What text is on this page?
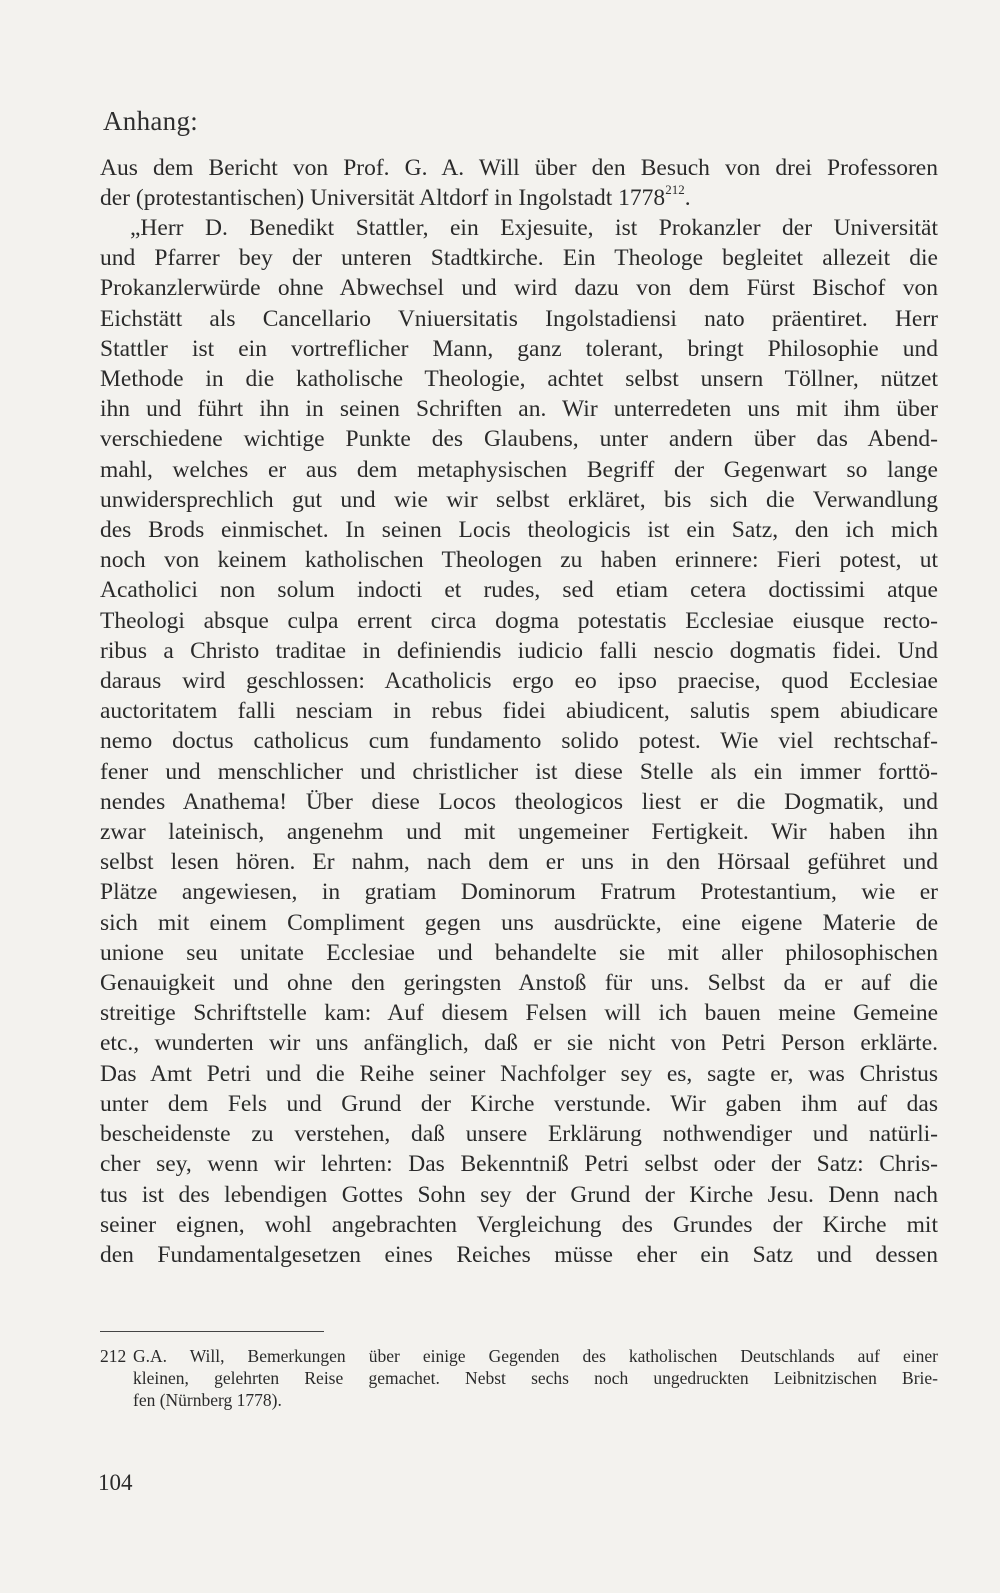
Anhang:
Aus dem Bericht von Prof. G. A. Will über den Besuch von drei Professoren
der (protestantischen) Universität Altdorf in Ingolstadt 1778$^{212}$.
„Herr D. Benedikt Stattler, ein Exjesuite, ist Prokanzler der Universität
und Pfarrer bey der unteren Stadtkirche. Ein Theologe begleitet allezeit die
Prokanzlerwürde ohne Abwechsel und wird dazu von dem Fürst Bischof von
Eichstätt als Cancellario Vniuersitatis Ingolstadiensi nato präentiret. Herr
Stattler ist ein vortreflicher Mann, ganz tolerant, bringt Philosophie und
Methode in die katholische Theologie, achtet selbst unsern Töllner, nützet
ihn und führt ihn in seinen Schriften an. Wir unterredeten uns mit ihm über
verschiedene wichtige Punkte des Glaubens, unter andern über das Abend-
mahl, welches er aus dem metaphysischen Begriff der Gegenwart so lange
unwidersprechlich gut und wie wir selbst erkläret, bis sich die Verwandlung
des Brods einmischet. In seinen Locis theologicis ist ein Satz, den ich mich
noch von keinem katholischen Theologen zu haben erinnere: Fieri potest, ut
Acatholici non solum indocti et rudes, sed etiam cetera doctissimi atque
Theologi absque culpa errent circa dogma potestatis Ecclesiae eiusque recto-
ribus a Christo traditae in definiendis iudicio falli nescio dogmatis fidei. Und
daraus wird geschlossen: Acatholicis ergo eo ipso praecise, quod Ecclesiae
auctoritatem falli nesciam in rebus fidei abiudicent, salutis spem abiudicare
nemo doctus catholicus cum fundamento solido potest. Wie viel rechtschaf-
fener und menschlicher und christlicher ist diese Stelle als ein immer forttö-
nendes Anathema! Über diese Locos theologicos liest er die Dogmatik, und
zwar lateinisch, angenehm und mit ungemeiner Fertigkeit. Wir haben ihn
selbst lesen hören. Er nahm, nach dem er uns in den Hörsaal geführet und
Plätze angewiesen, in gratiam Dominorum Fratrum Protestantium, wie er
sich mit einem Compliment gegen uns ausdrückte, eine eigene Materie de
unione seu unitate Ecclesiae und behandelte sie mit aller philosophischen
Genauigkeit und ohne den geringsten Anstoß für uns. Selbst da er auf die
streitige Schriftstelle kam: Auf diesem Felsen will ich bauen meine Gemeine
etc., wunderten wir uns anfänglich, daß er sie nicht von Petri Person erklärte.
Das Amt Petri und die Reihe seiner Nachfolger sey es, sagte er, was Christus
unter dem Fels und Grund der Kirche verstunde. Wir gaben ihm auf das
bescheidenste zu verstehen, daß unsere Erklärung nothwendiger und natürli-
cher sey, wenn wir lehrten: Das Bekenntniß Petri selbst oder der Satz: Chris-
tus ist des lebendigen Gottes Sohn sey der Grund der Kirche Jesu. Denn nach
seiner eignen, wohl angebrachten Vergleichung des Grundes der Kirche mit
den Fundamentalgesetzen eines Reiches müsse eher ein Satz und dessen
212 G.A. Will, Bemerkungen über einige Gegenden des katholischen Deutschlands auf einer
kleinen, gelehrten Reise gemachet. Nebst sechs noch ungedruckten Leibnitzischen Brie-
fen (Nürnberg 1778).
104
